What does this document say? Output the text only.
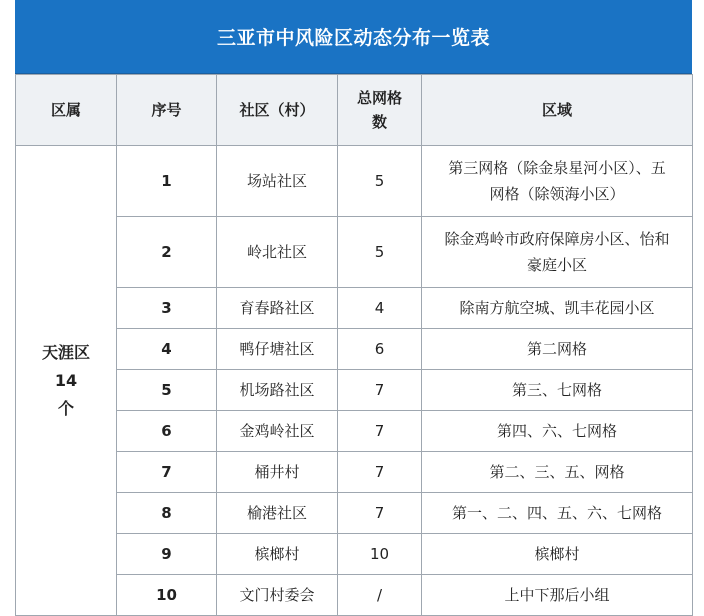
三亚市中风险区动态分布一览表
区属	序号	社区（村）	总网格
数	区域
天涯区
14
个	1	场站社区	5	第三网格（除金泉星河小区）、五
网格（除领海小区）
	2	岭北社区	5	除金鸡岭市政府保障房小区、怡和
豪庭小区
	3	育春路社区	4	除南方航空城、凯丰花园小区
	4	鸭仔塘社区	6	第二网格
	5	机场路社区	7	第三、七网格
	6	金鸡岭社区	7	第四、六、七网格
	7	桶井村	7	第二、三、五、网格
	8	榆港社区	7	第一、二、四、五、六、七网格
	9	槟榔村	10	槟榔村
	10	文门村委会	/	上中下那后小组
